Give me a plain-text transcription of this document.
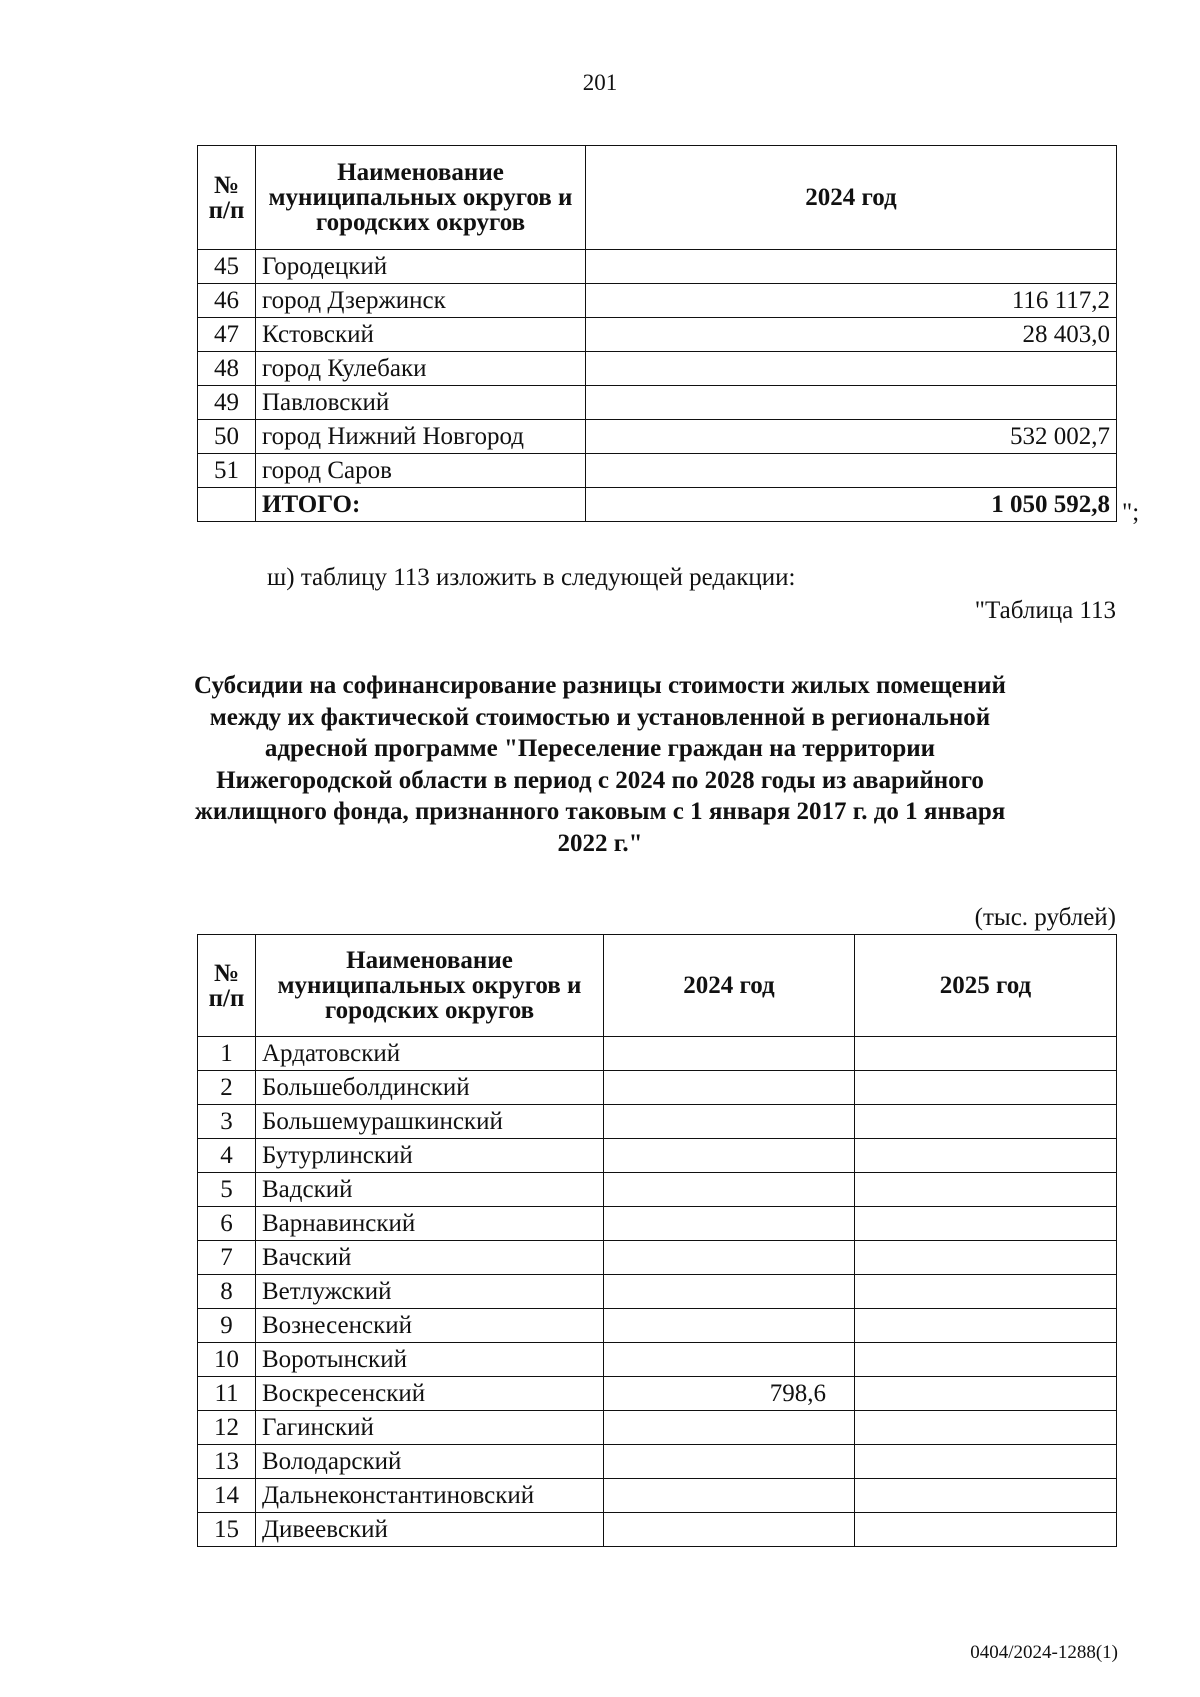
201
№ п/п	Наименование муниципальных округов и городских округов	2024 год
45	Городецкий	
46	город Дзержинск	116 117,2
47	Кстовский	28 403,0
48	город Кулебаки	
49	Павловский	
50	город Нижний Новгород	532 002,7
51	город Саров	
	ИТОГО:	1 050 592,8 ";
ш) таблицу 113 изложить в следующей редакции:
"Таблица 113
Субсидии на софинансирование разницы стоимости жилых помещений между их фактической стоимостью и установленной в региональной адресной программе "Переселение граждан на территории Нижегородской области в период с 2024 по 2028 годы из аварийного жилищного фонда, признанного таковым с 1 января 2017 г. до 1 января 2022 г."
(тыс. рублей)
№ п/п	Наименование муниципальных округов и городских округов	2024 год	2025 год
1	Ардатовский		
2	Большеболдинский		
3	Большемурашкинский		
4	Бутурлинский		
5	Вадский		
6	Варнавинский		
7	Вачский		
8	Ветлужский		
9	Вознесенский		
10	Воротынский		
11	Воскресенский	798,6	
12	Гагинский		
13	Володарский		
14	Дальнеконстантиновский		
15	Дивеевский		
0404/2024-1288(1)
